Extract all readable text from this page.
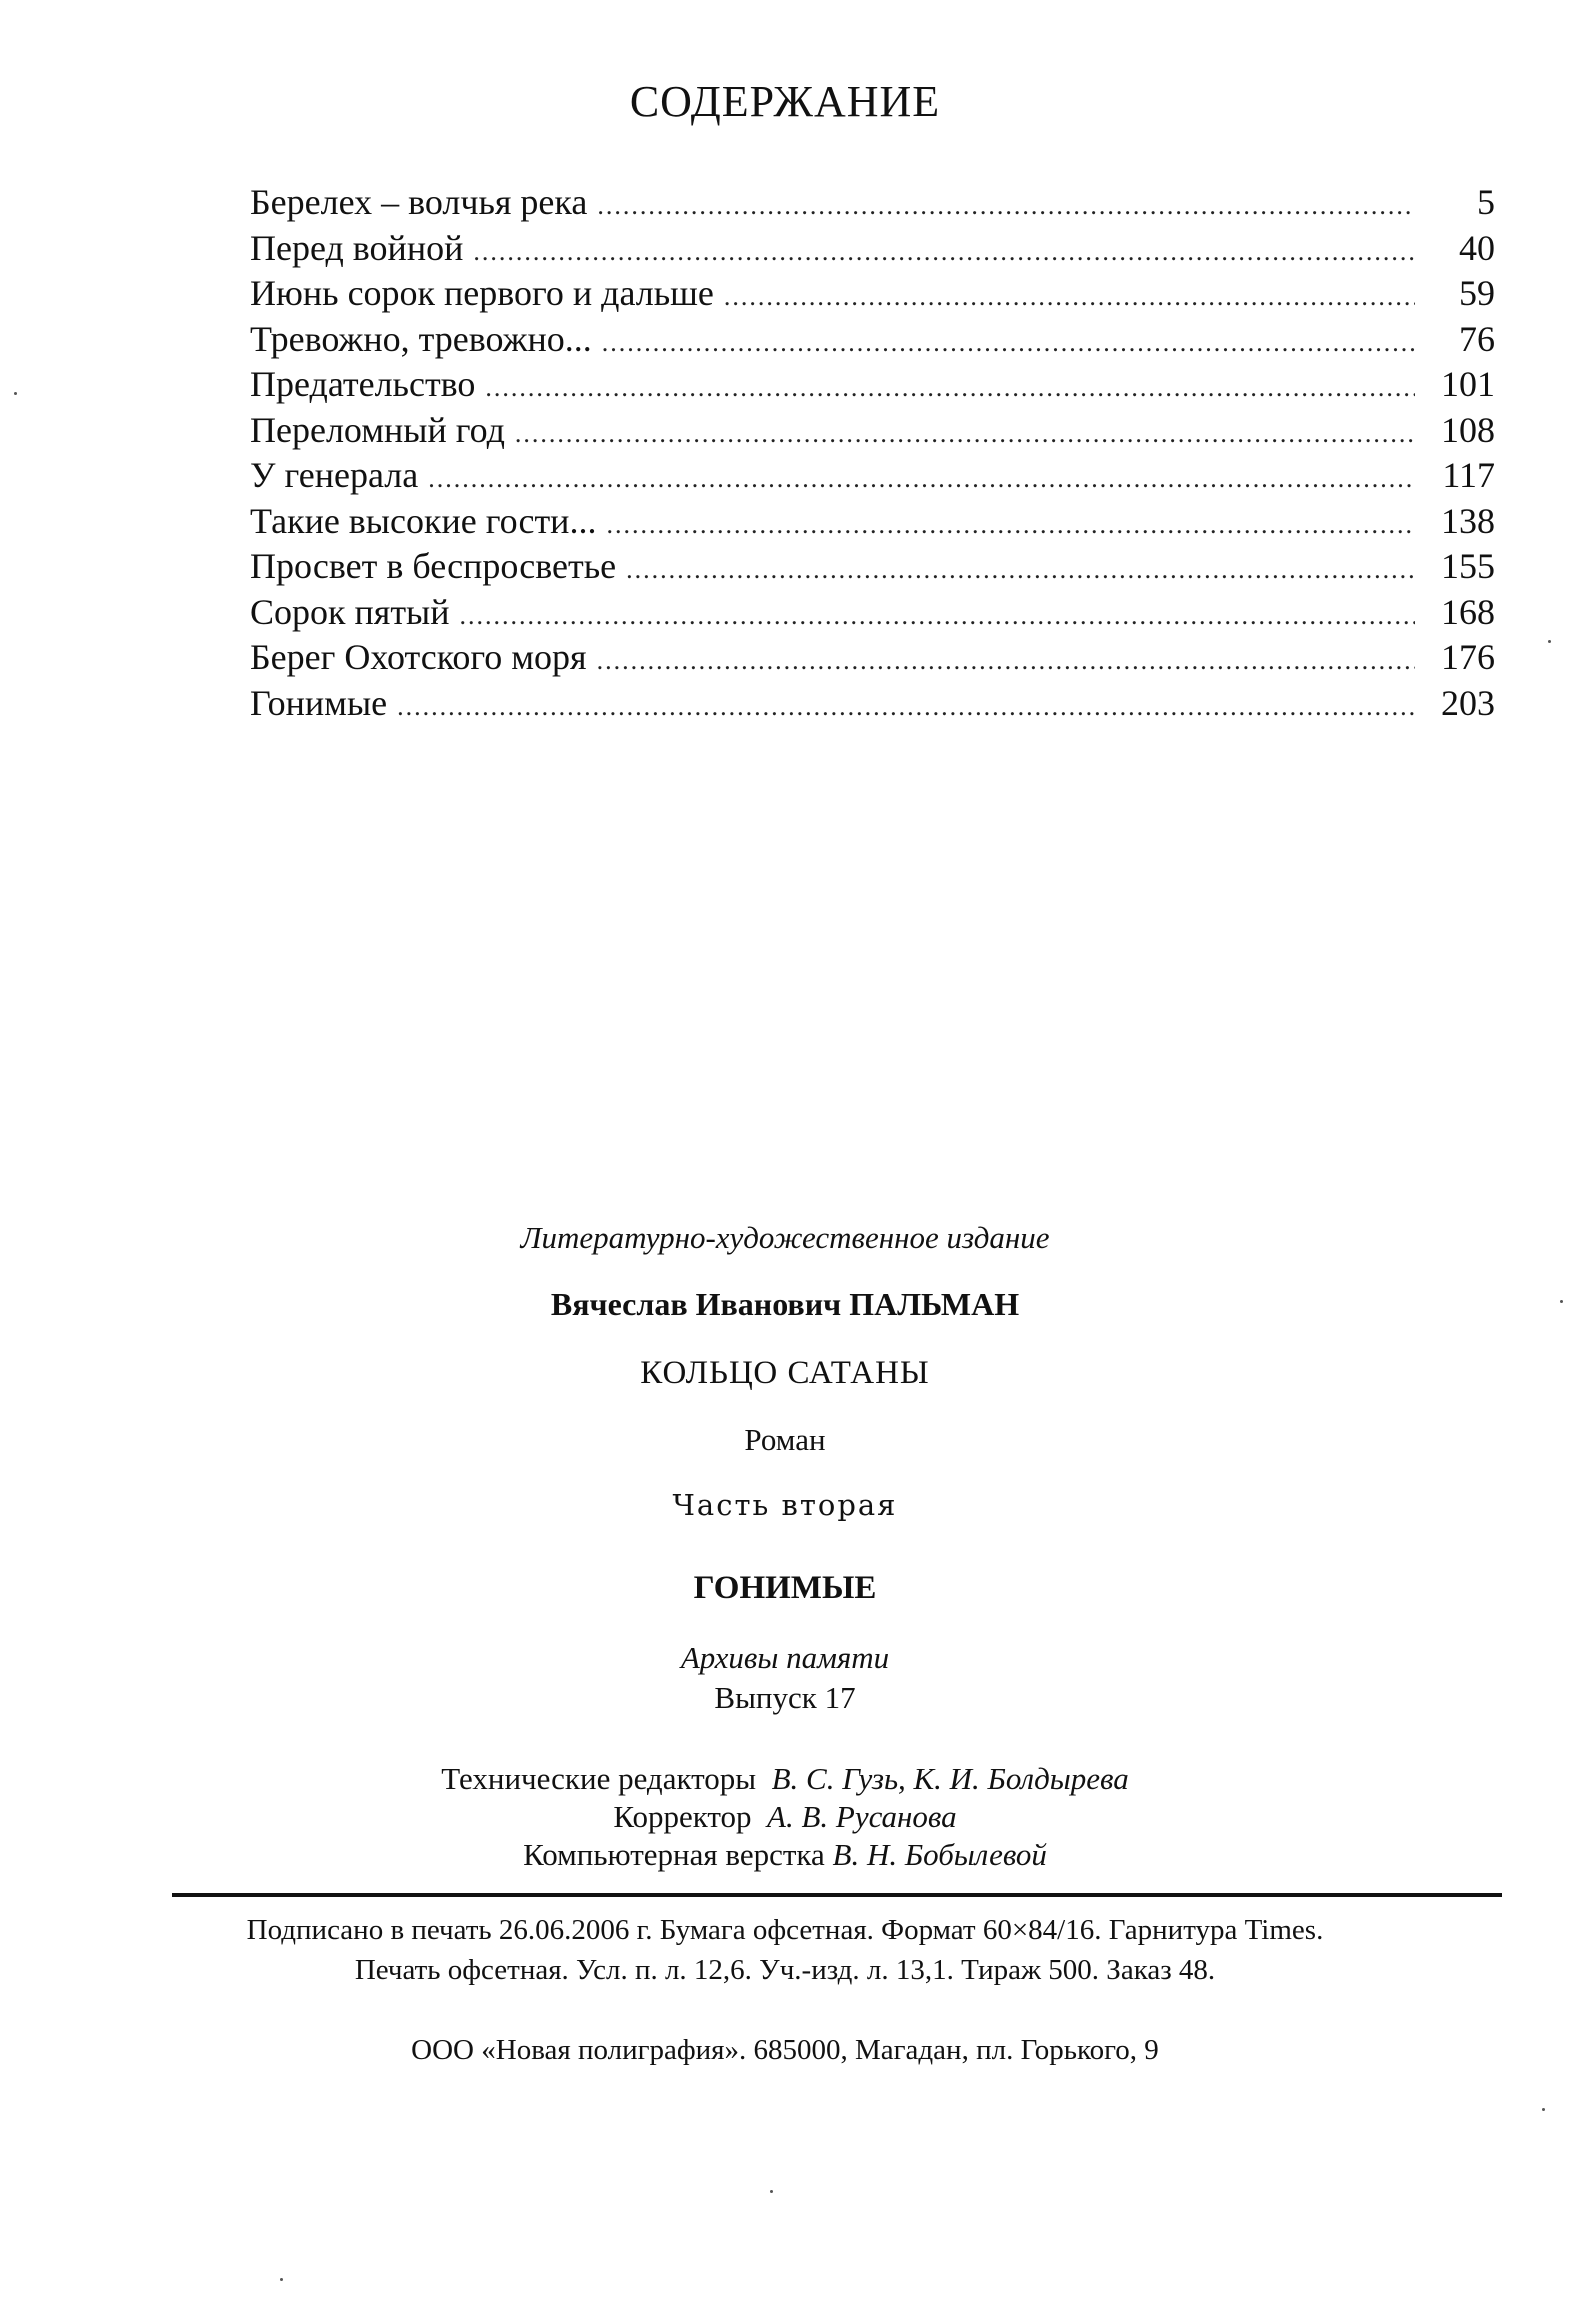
СОДЕРЖАНИЕ
Берелех – волчья река .....	5
Перед войной .....	40
Июнь сорок первого и дальше .....	59
Тревожно, тревожно... .....	76
Предательство .....	101
Переломный год .....	108
У генерала .....	117
Такие высокие гости... .....	138
Просвет в беспросветье .....	155
Сорок пятый .....	168
Берег Охотского моря .....	176
Гонимые .....	203
Литературно-художественное издание
Вячеслав Иванович ПАЛЬМАН
КОЛЬЦО САТАНЫ
Роман
Часть вторая
ГОНИМЫЕ
Архивы памяти
Выпуск 17
Технические редакторы В. С. Гузь, К. И. Болдырева
Корректор А. В. Русанова
Компьютерная верстка В. Н. Бобылевой
Подписано в печать 26.06.2006 г. Бумага офсетная. Формат 60×84/16. Гарнитура Times.
Печать офсетная. Усл. п. л. 12,6. Уч.-изд. л. 13,1. Тираж 500. Заказ 48.
ООО «Новая полиграфия». 685000, Магадан, пл. Горького, 9
